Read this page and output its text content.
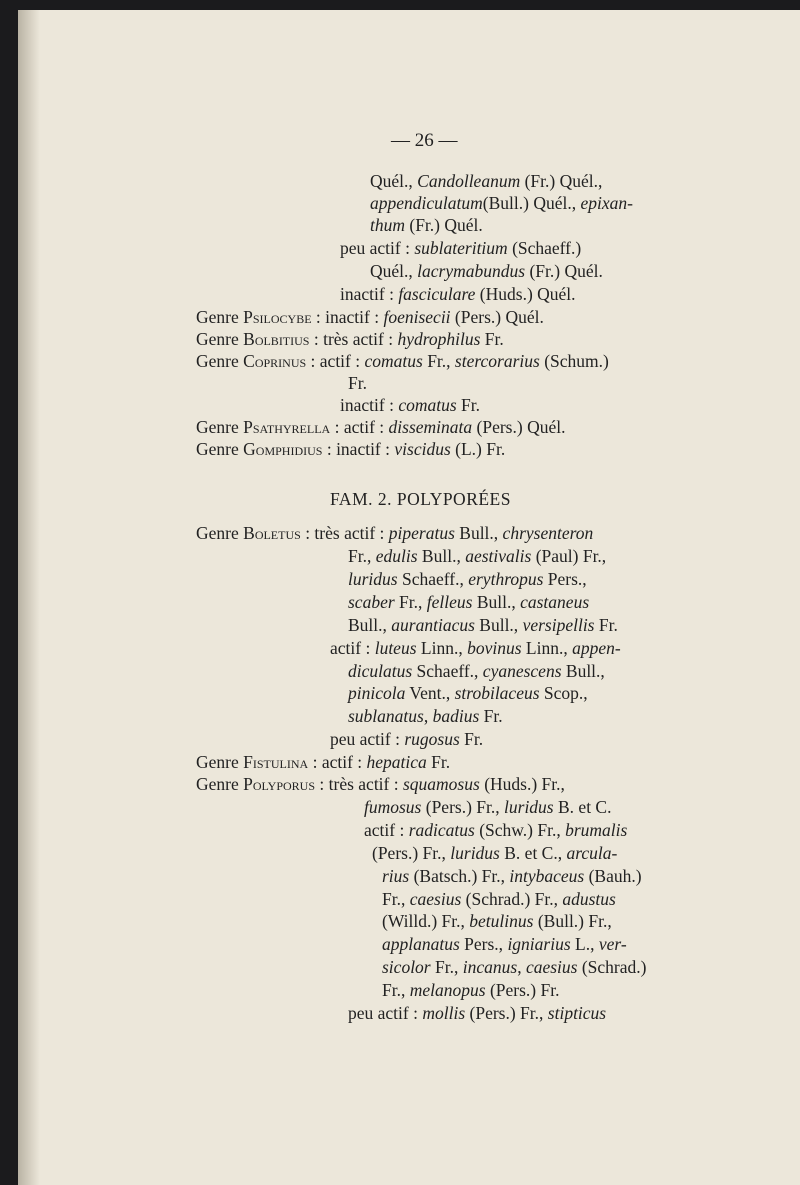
— 26 —
Quél., Candolleanum (Fr.) Quél.,
appendiculatum(Bull.) Quél., epixan-
thum (Fr.) Quél.
peu actif : sublateritium (Schaeff.)
Quél., lacrymabundus (Fr.) Quél.
inactif : fasciculare (Huds.) Quél.
Genre Psilocybe : inactif : foenisecii (Pers.) Quél.
Genre Bolbitius : très actif : hydrophilus Fr.
Genre Coprinus : actif : comatus Fr., stercorarius (Schum.)
Fr.
inactif : comatus Fr.
Genre Psathyrella : actif : disseminata (Pers.) Quél.
Genre Gomphidius : inactif : viscidus (L.) Fr.
FAM. 2. POLYPORÉES
Genre Boletus : très actif : piperatus Bull., chrysenteron
Fr., edulis Bull., aestivalis (Paul) Fr.,
luridus Schaeff., erythropus Pers.,
scaber Fr., felleus Bull., castaneus
Bull., aurantiacus Bull., versipellis Fr.
actif : luteus Linn., bovinus Linn., appen-
diculatus Schaeff., cyanescens Bull.,
pinicola Vent., strobilaceus Scop.,
sublanatus, badius Fr.
peu actif : rugosus Fr.
Genre Fistulina : actif : hepatica Fr.
Genre Polyporus : très actif : squamosus (Huds.) Fr.,
fumosus (Pers.) Fr., luridus B. et C.
actif : radicatus (Schw.) Fr., brumalis
(Pers.) Fr., luridus B. et C., arcula-
rius (Batsch.) Fr., intybaceus (Bauh.)
Fr., caesius (Schrad.) Fr., adustus
(Willd.) Fr., betulinus (Bull.) Fr.,
applanatus Pers., igniarius L., ver-
sicolor Fr., incanus, caesius (Schrad.)
Fr., melanopus (Pers.) Fr.
peu actif : mollis (Pers.) Fr., stipticus
